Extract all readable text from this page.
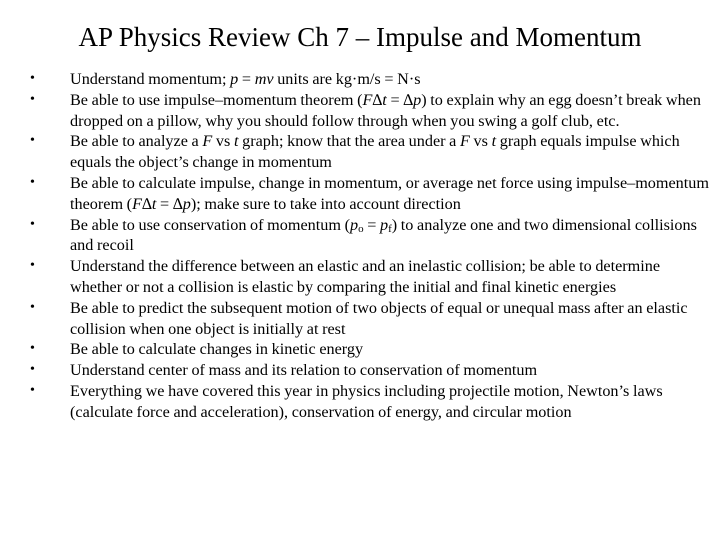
AP Physics Review Ch 7 – Impulse and Momentum
•	Understand momentum; p = mv units are kg·m/s = N·s
•	Be able to use impulse–momentum theorem (F∆t = ∆p) to explain why an egg doesn’t break when dropped on a pillow, why you should follow through when you swing a golf club, etc.
•	Be able to analyze a F vs t graph; know that the area under a F vs t graph equals impulse which equals the object’s change in momentum
•	Be able to calculate impulse, change in momentum, or average net force using impulse–momentum theorem (F∆t = ∆p); make sure to take into account direction
•	Be able to use conservation of momentum $(p_o = p_f)$ to analyze one and two dimensional collisions and recoil
•	Understand the difference between an elastic and an inelastic collision; be able to determine whether or not a collision is elastic by comparing the initial and final kinetic energies
•	Be able to predict the subsequent motion of two objects of equal or unequal mass after an elastic collision when one object is initially at rest
•	Be able to calculate changes in kinetic energy
•	Understand center of mass and its relation to conservation of momentum
•	Everything we have covered this year in physics including projectile motion, Newton’s laws (calculate force and acceleration), conservation of energy, and circular motion
